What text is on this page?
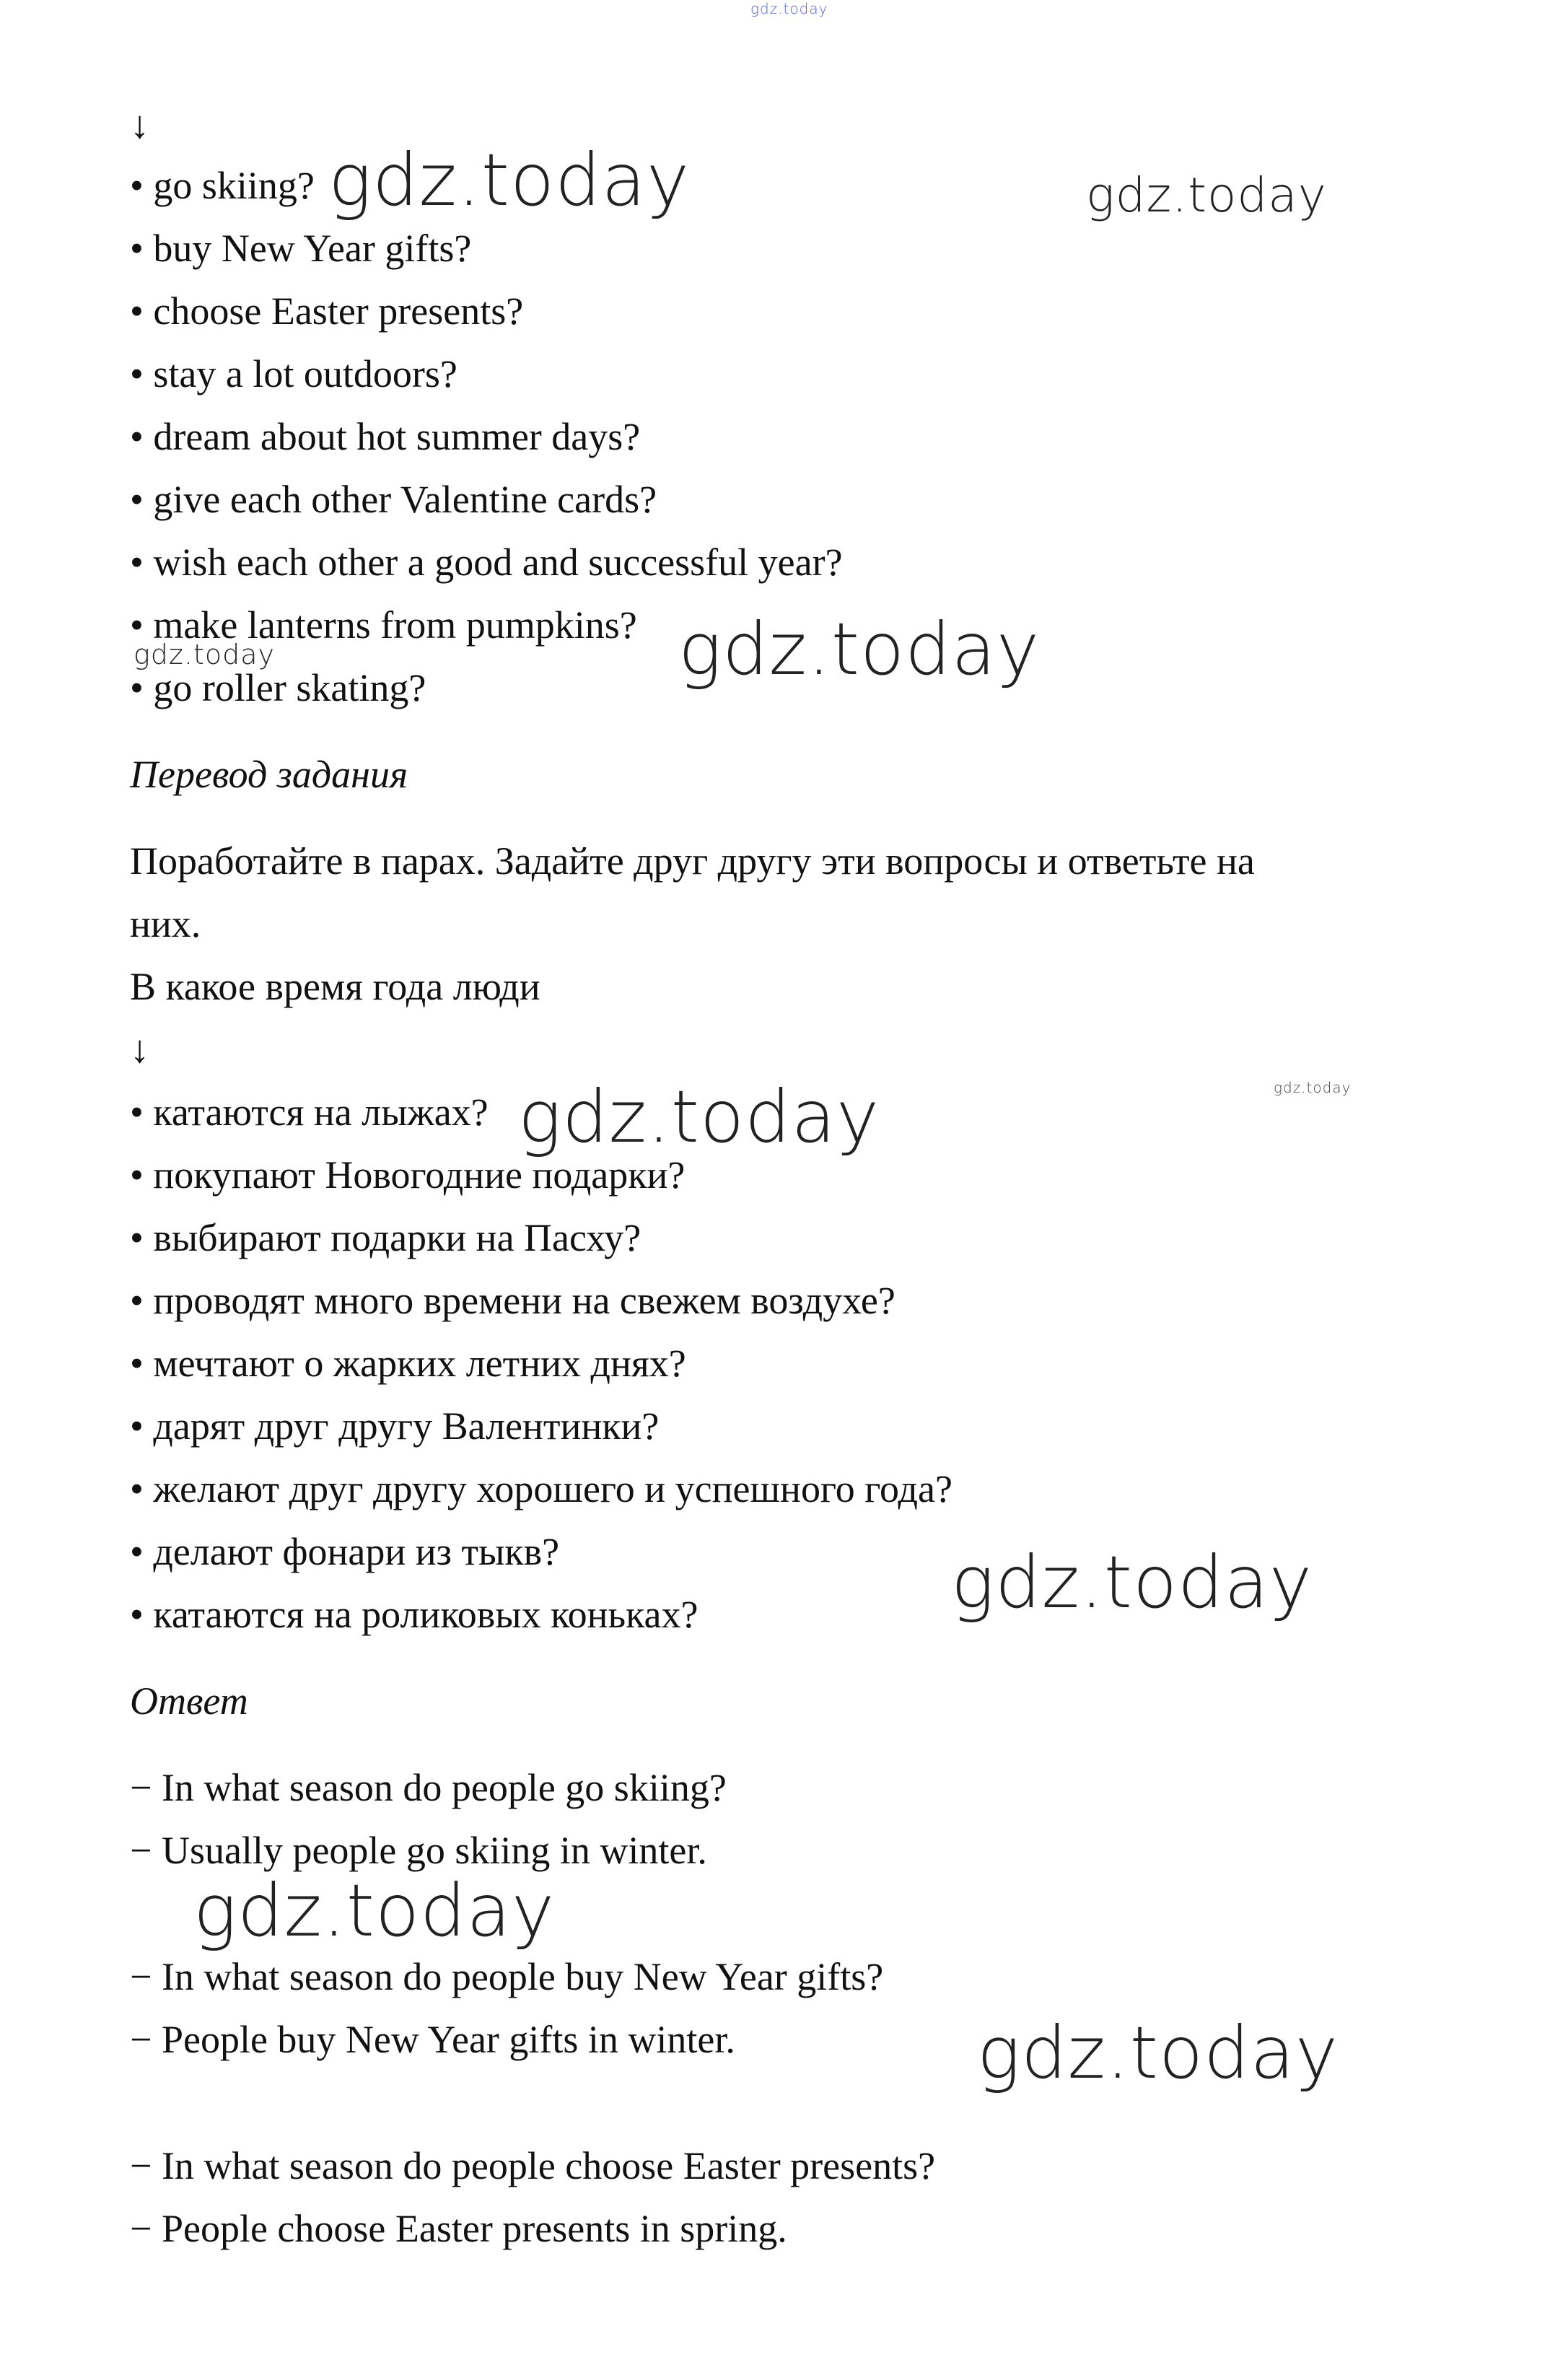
gdz.today
↓
• go skiing?
• buy New Year gifts?
• choose Easter presents?
• stay a lot outdoors?
• dream about hot summer days?
• give each other Valentine cards?
• wish each other a good and successful year?
• make lanterns from pumpkins?
• go roller skating?
Перевод задания
Поработайте в парах. Задайте друг другу эти вопросы и ответьте на
них.
В какое время года люди
↓
• катаются на лыжах?
• покупают Новогодние подарки?
• выбирают подарки на Пасху?
• проводят много времени на свежем воздухе?
• мечтают о жарких летних днях?
• дарят друг другу Валентинки?
• желают друг другу хорошего и успешного года?
• делают фонари из тыкв?
• катаются на роликовых коньках?
Ответ
− In what season do people go skiing?
− Usually people go skiing in winter.
− In what season do people buy New Year gifts?
− People buy New Year gifts in winter.
− In what season do people choose Easter presents?
− People choose Easter presents in spring.
gdz.today	gdz.today
gdz.today	gdz.today
gdz.today
gdz.today
gdz.today
gdz.today
gdz.today
